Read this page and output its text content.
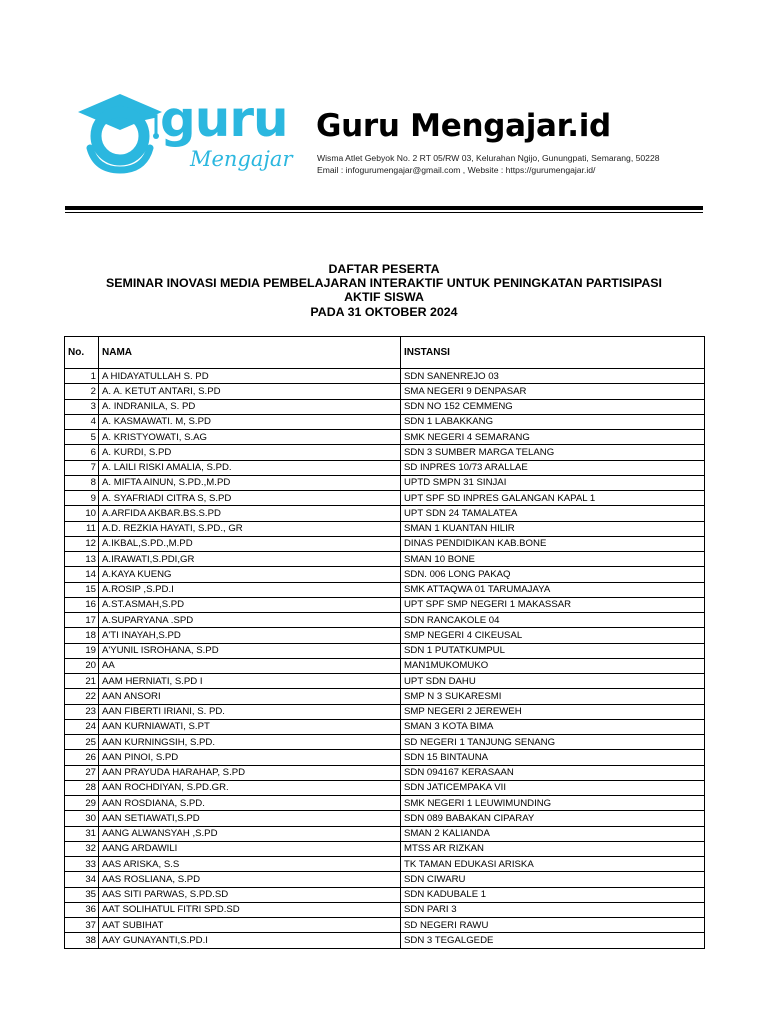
guru

Mengajar

Guru Mengajar.id

Wisma Atlet Gebyok No. 2 RT 05/RW 03, Kelurahan Ngijo, Gunungpati, Semarang, 50228

Email : infogurumengajar@gmail.com , Website : https://gurumengajar.id/

DAFTAR PESERTA
SEMINAR INOVASI MEDIA PEMBELAJARAN INTERAKTIF UNTUK PENINGKATAN PARTISIPASI
AKTIF SISWA
PADA 31 OKTOBER 2024
No.	NAMA	INSTANSI
1	A HIDAYATULLAH S. PD	SDN SANENREJO 03
2	A. A. KETUT ANTARI, S.PD	SMA NEGERI 9 DENPASAR
3	A. INDRANILA, S. PD	SDN NO 152 CEMMENG
4	A. KASMAWATI. M, S.PD	SDN 1 LABAKKANG
5	A. KRISTYOWATI, S.AG	SMK NEGERI 4 SEMARANG
6	A. KURDI, S.PD	SDN 3 SUMBER MARGA TELANG
7	A. LAILI RISKI AMALIA, S.PD.	SD INPRES 10/73 ARALLAE
8	A. MIFTA AINUN, S.PD.,M.PD	UPTD SMPN 31 SINJAI
9	A. SYAFRIADI CITRA S, S.PD	UPT SPF SD INPRES GALANGAN KAPAL 1
10	A.ARFIDA AKBAR.BS.S.PD	UPT SDN 24 TAMALATEA
11	A.D. REZKIA HAYATI, S.PD., GR	SMAN 1 KUANTAN HILIR
12	A.IKBAL,S.PD.,M.PD	DINAS PENDIDIKAN KAB.BONE
13	A.IRAWATI,S.PDI,GR	SMAN 10 BONE
14	A.KAYA KUENG	SDN. 006 LONG PAKAQ
15	A.ROSIP ,S.PD.I	SMK ATTAQWA 01 TARUMAJAYA
16	A.ST.ASMAH,S.PD	UPT SPF SMP NEGERI 1 MAKASSAR
17	A.SUPARYANA .SPD	SDN RANCAKOLE 04
18	A'TI INAYAH,S.PD	SMP NEGERI 4 CIKEUSAL
19	A'YUNIL ISROHANA, S.PD	SDN 1 PUTATKUMPUL
20	AA	MAN1MUKOMUKO
21	AAM HERNIATI, S.PD I	UPT SDN DAHU
22	AAN ANSORI	SMP N 3 SUKARESMI
23	AAN FIBERTI IRIANI, S. PD.	SMP NEGERI 2 JEREWEH
24	AAN KURNIAWATI, S.PT	SMAN 3 KOTA BIMA
25	AAN KURNINGSIH, S.PD.	SD NEGERI 1 TANJUNG SENANG
26	AAN PINOI, S.PD	SDN 15 BINTAUNA
27	AAN PRAYUDA HARAHAP, S.PD	SDN 094167 KERASAAN
28	AAN ROCHDIYAN, S.PD.GR.	SDN JATICEMPAKA VII
29	AAN ROSDIANA, S.PD.	SMK NEGERI 1 LEUWIMUNDING
30	AAN SETIAWATI,S.PD	SDN 089 BABAKAN CIPARAY
31	AANG ALWANSYAH ,S.PD	SMAN 2 KALIANDA
32	AANG ARDAWILI	MTSS AR RIZKAN
33	AAS ARISKA, S.S	TK TAMAN EDUKASI ARISKA
34	AAS ROSLIANA, S.PD	SDN CIWARU
35	AAS SITI PARWAS, S.PD.SD	SDN KADUBALE 1
36	AAT SOLIHATUL FITRI SPD.SD	SDN PARI 3
37	AAT SUBIHAT	SD NEGERI RAWU
38	AAY GUNAYANTI,S.PD.I	SDN 3 TEGALGEDE
